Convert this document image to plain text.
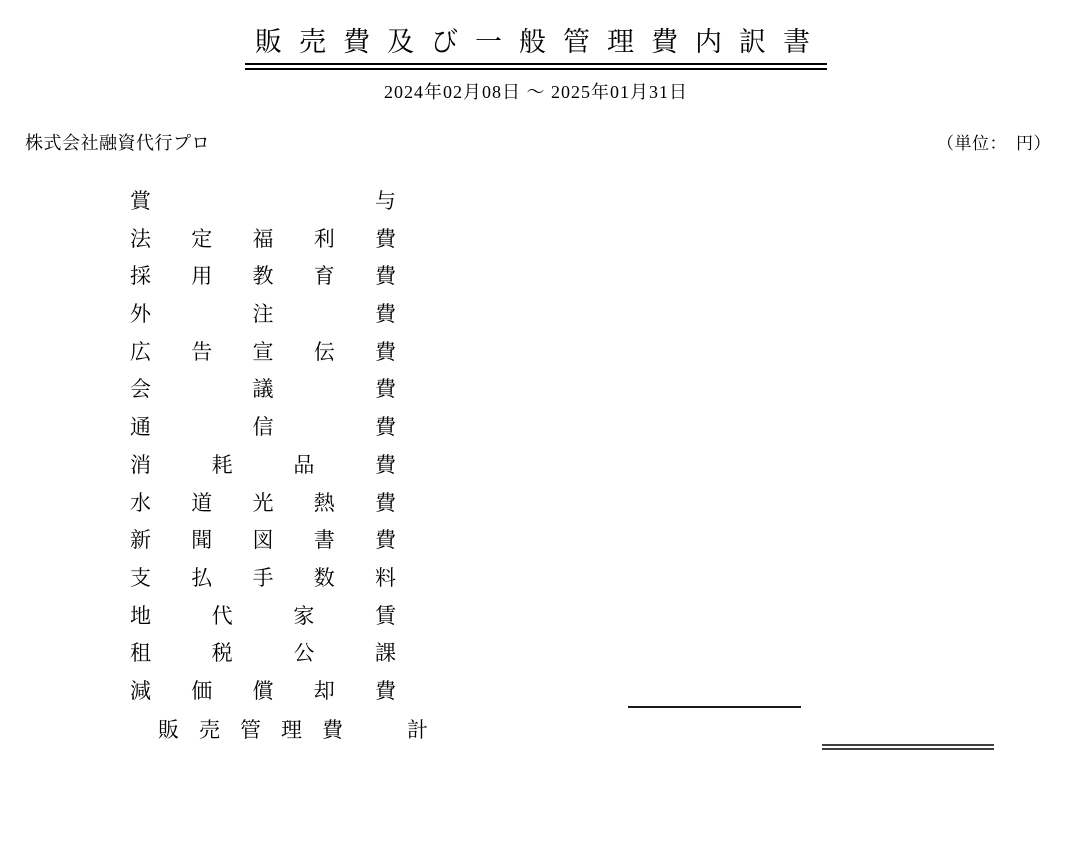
販売費及び一般管理費内訳書
2024年02月08日 ～ 2025年01月31日
株式会社融資代行プロ	（単位：　円）
賞	与
法 定 福 利 費
採 用 教 育 費
外	注	費
広 告 宣 伝 費
会	議	費
通	信	費
消	耗	品	費
水 道 光 熱 費
新 聞 図 書 費
支 払 手 数 料
地	代	家	賃
租	税	公	課
減 価 償 却 費
販売管理費 計
